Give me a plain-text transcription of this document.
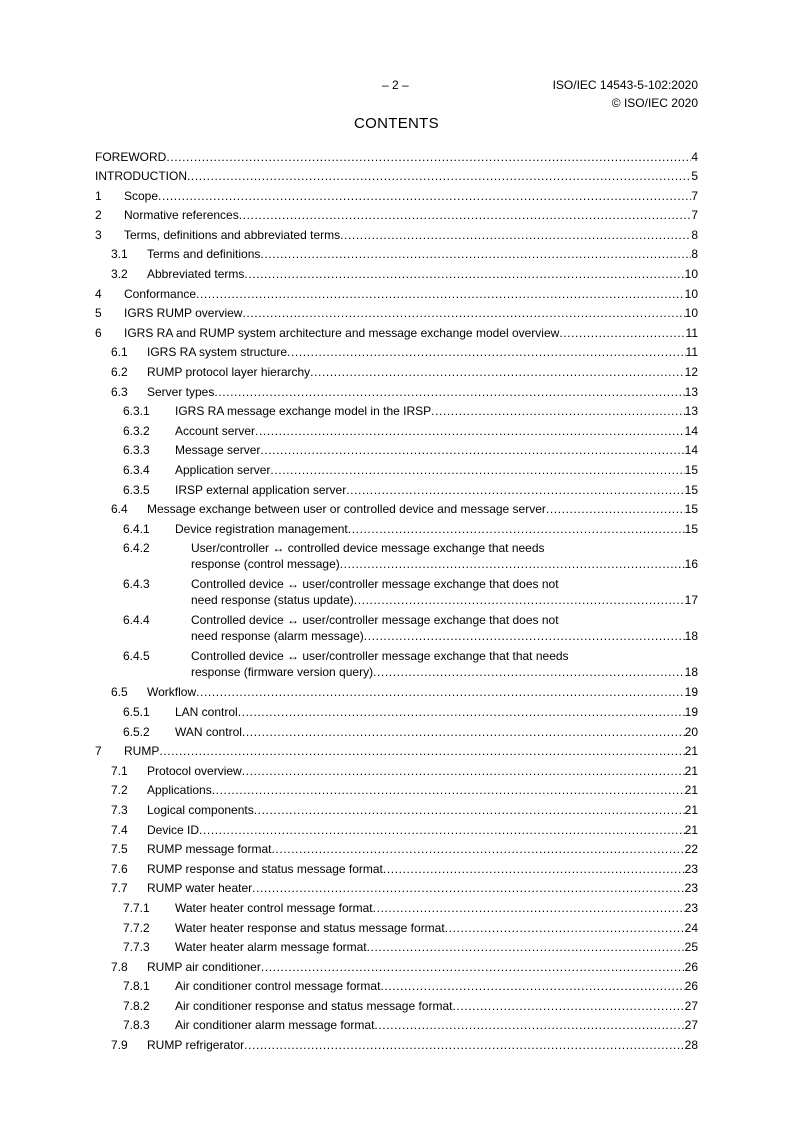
– 2 –	ISO/IEC 14543-5-102:2020
© ISO/IEC 2020
CONTENTS
FOREWORD .....	4
INTRODUCTION .....	5
1	Scope .....	7
2	Normative references .....	7
3	Terms, definitions and abbreviated terms .....	8
3.1	Terms and definitions .....	8
3.2	Abbreviated terms .....	10
4	Conformance .....	10
5	IGRS RUMP overview .....	10
6	IGRS RA and RUMP system architecture and message exchange model overview .....	11
6.1	IGRS RA system structure .....	11
6.2	RUMP protocol layer hierarchy .....	12
6.3	Server types .....	13
6.3.1	IGRS RA message exchange model in the IRSP .....	13
6.3.2	Account server .....	14
6.3.3	Message server .....	14
6.3.4	Application server .....	15
6.3.5	IRSP external application server .....	15
6.4	Message exchange between user or controlled device and message server .....	15
6.4.1	Device registration management .....	15
6.4.2	User/controller ↔ controlled device message exchange that needs
response (control message) .....	16
6.4.3	Controlled device ↔ user/controller message exchange that does not
need response (status update) .....	17
6.4.4	Controlled device ↔ user/controller message exchange that does not
need response (alarm message) .....	18
6.4.5	Controlled device ↔ user/controller message exchange that that needs
response (firmware version query) .....	18
6.5	Workflow .....	19
6.5.1	LAN control .....	19
6.5.2	WAN control .....	20
7	RUMP .....	21
7.1	Protocol overview .....	21
7.2	Applications .....	21
7.3	Logical components .....	21
7.4	Device ID .....	21
7.5	RUMP message format .....	22
7.6	RUMP response and status message format .....	23
7.7	RUMP water heater .....	23
7.7.1	Water heater control message format .....	23
7.7.2	Water heater response and status message format .....	24
7.7.3	Water heater alarm message format .....	25
7.8	RUMP air conditioner .....	26
7.8.1	Air conditioner control message format .....	26
7.8.2	Air conditioner response and status message format .....	27
7.8.3	Air conditioner alarm message format .....	27
7.9	RUMP refrigerator .....	28
